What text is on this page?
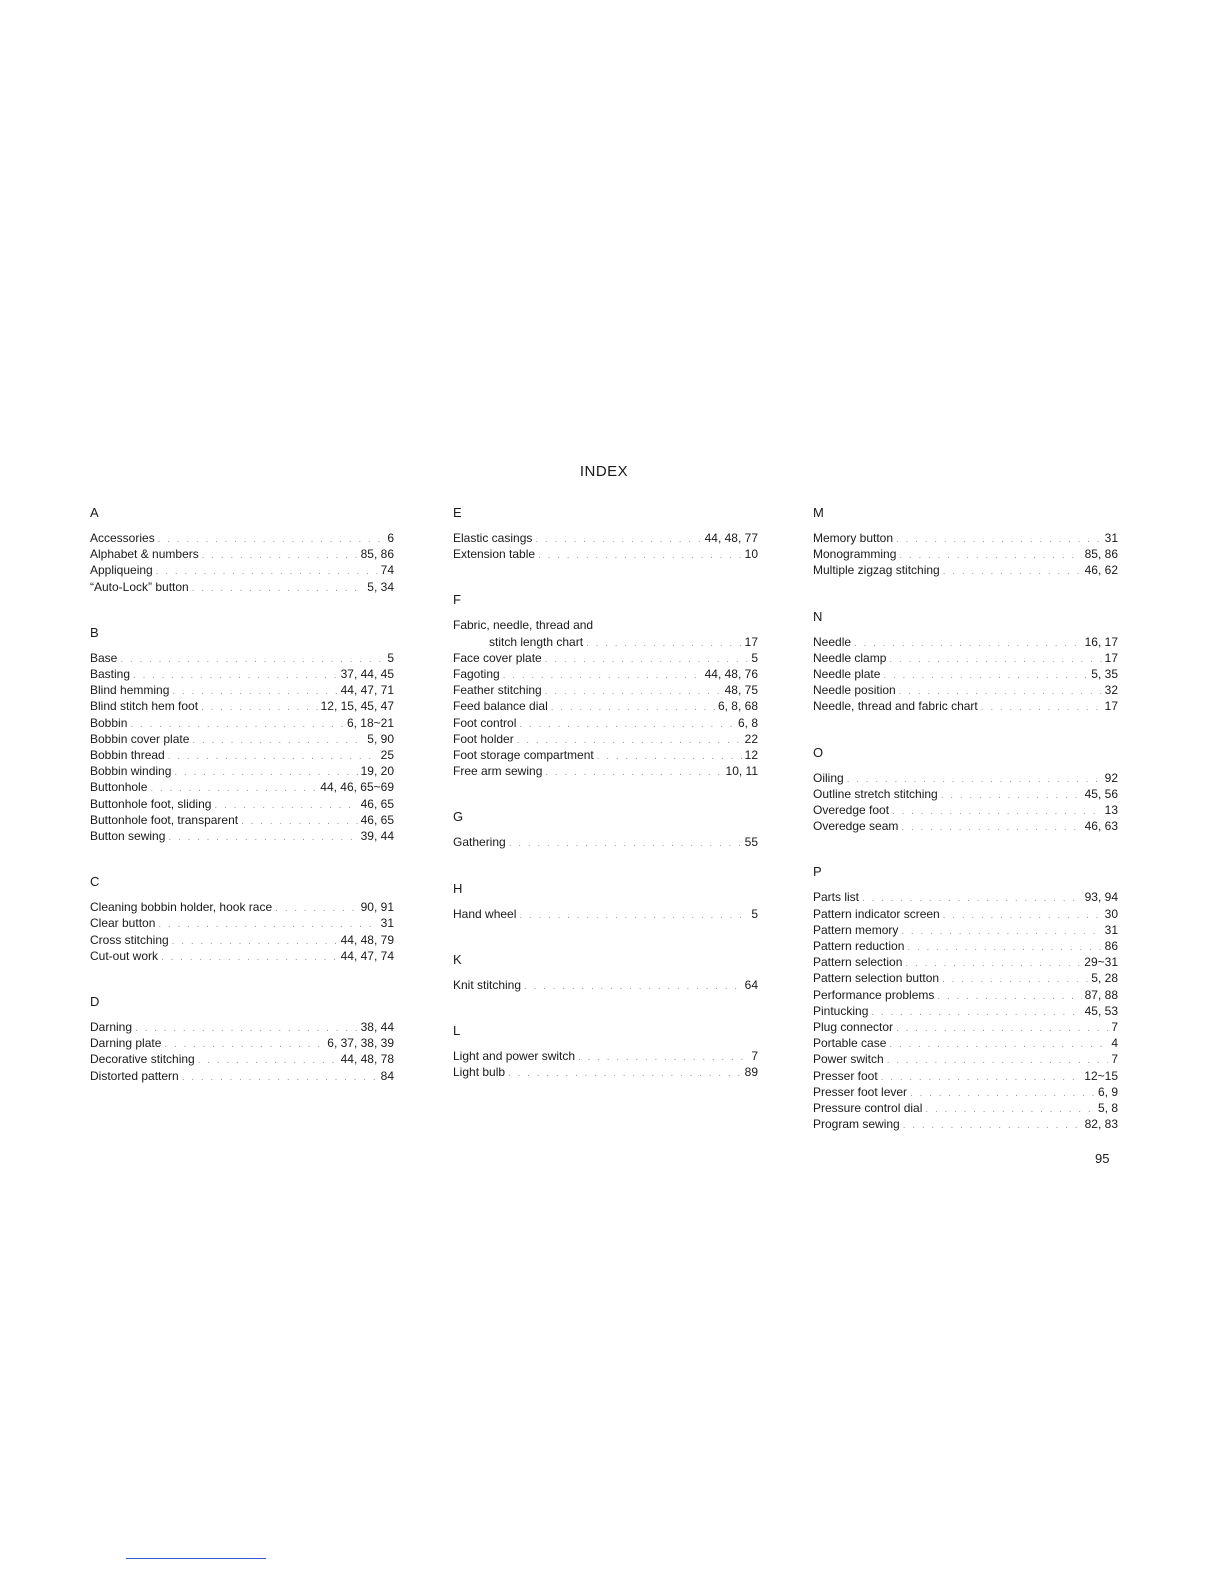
INDEX
A
Accessories . . .	6
Alphabet & numbers . . .	85, 86
Appliqueing . . .	74
“Auto-Lock” button . . .	5, 34
B
Base . . .	5
Basting . . .	37, 44, 45
Blind hemming . . .	44, 47, 71
Blind stitch hem foot . . .	12, 15, 45, 47
Bobbin . . .	6, 18~21
Bobbin cover plate . . .	5, 90
Bobbin thread . . .	25
Bobbin winding . . .	19, 20
Buttonhole . . .	44, 46, 65~69
Buttonhole foot, sliding . . .	46, 65
Buttonhole foot, transparent . . .	46, 65
Button sewing . . .	39, 44
C
Cleaning bobbin holder, hook race . . .	90, 91
Clear button . . .	31
Cross stitching . . .	44, 48, 79
Cut-out work . . .	44, 47, 74
D
Darning . . .	38, 44
Darning plate . . .	6, 37, 38, 39
Decorative stitching . . .	44, 48, 78
Distorted pattern . . .	84
E
Elastic casings . . .	44, 48, 77
Extension table . . .	10
F
Fabric, needle, thread and
stitch length chart . . .	17
Face cover plate . . .	5
Fagoting . . .	44, 48, 76
Feather stitching . . .	48, 75
Feed balance dial . . .	6, 8, 68
Foot control . . .	6, 8
Foot holder . . .	22
Foot storage compartment . . .	12
Free arm sewing . . .	10, 11
G
Gathering . . .	55
H
Hand wheel . . .	5
K
Knit stitching . . .	64
L
Light and power switch . . .	7
Light bulb . . .	89
M
Memory button . . .	31
Monogramming . . .	85, 86
Multiple zigzag stitching . . .	46, 62
N
Needle . . .	16, 17
Needle clamp . . .	17
Needle plate . . .	5, 35
Needle position . . .	32
Needle, thread and fabric chart . . .	17
O
Oiling . . .	92
Outline stretch stitching . . .	45, 56
Overedge foot . . .	13
Overedge seam . . .	46, 63
P
Parts list . . .	93, 94
Pattern indicator screen . . .	30
Pattern memory . . .	31
Pattern reduction . . .	86
Pattern selection . . .	29~31
Pattern selection button . . .	5, 28
Performance problems . . .	87, 88
Pintucking . . .	45, 53
Plug connector . . .	7
Portable case . . .	4
Power switch . . .	7
Presser foot . . .	12~15
Presser foot lever . . .	6, 9
Pressure control dial . . .	5, 8
Program sewing . . .	82, 83
95
